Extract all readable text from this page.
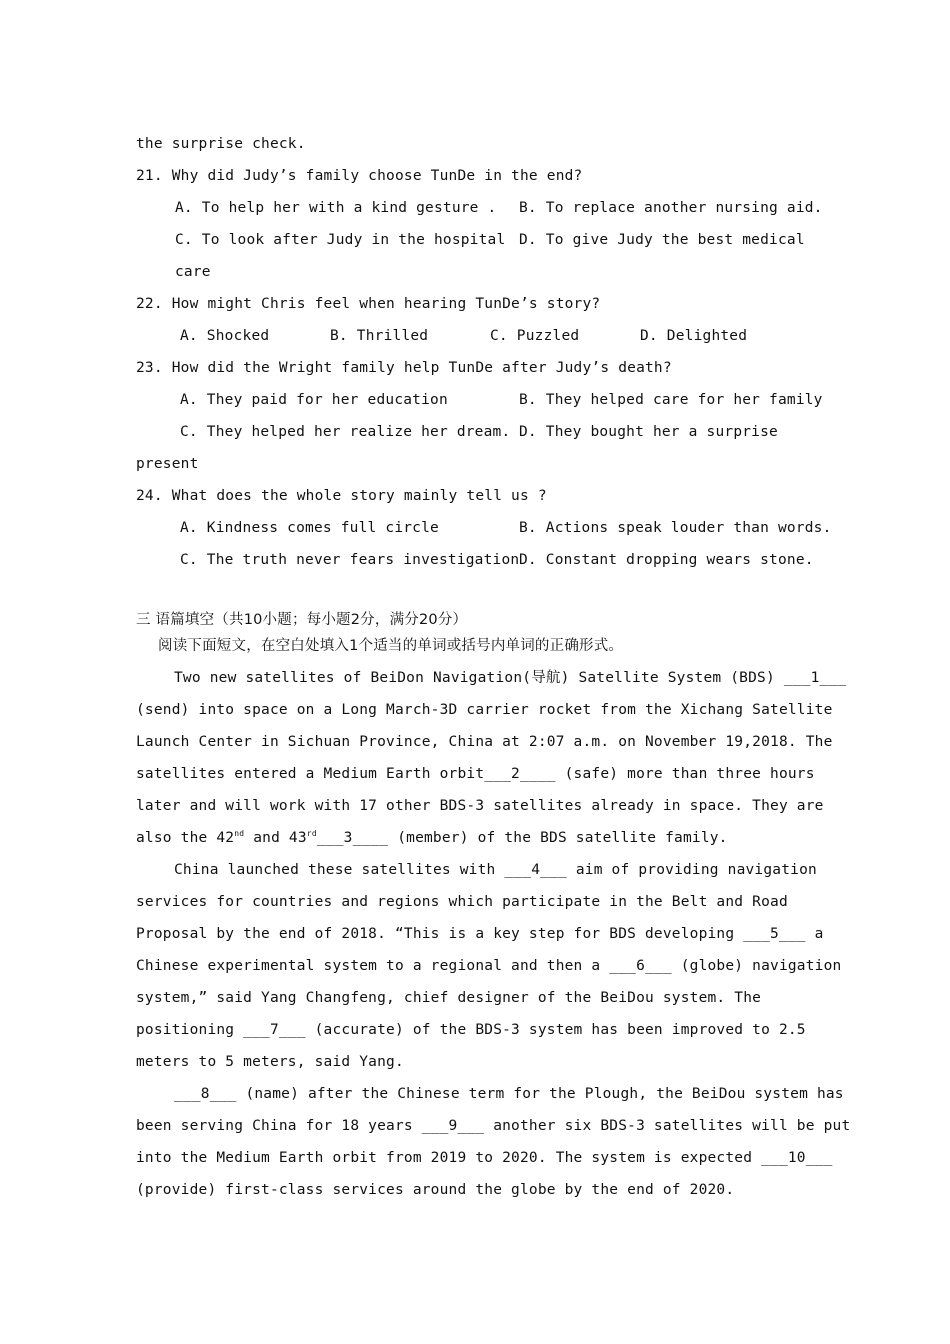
the surprise check.
21. Why did Judy’s family choose TunDe in the end?
A. To help her with a kind gesture . B. To replace another nursing aid.
C. To look after Judy in the hospital D. To give Judy the best medical
care
22. How might Chris feel when hearing TunDe’s story?
A. Shocked	B. Thrilled	C. Puzzled	D. Delighted
23. How did the Wright family help TunDe after Judy’s death?
A. They paid for her education	B. They helped care for her family
C. They helped her realize her dream. D. They bought her a surprise
present
24. What does the whole story mainly tell us ?
A. Kindness comes full circle	B. Actions speak louder than words.
C. The truth never fears investigation D. Constant dropping wears stone.
三 语篇填空（共10小题；每小题2分，满分20分）
阅读下面短文，在空白处填入1个适当的单词或括号内单词的正确形式。
Two new satellites of BeiDon Navigation(导航) Satellite System (BDS) ___1___
(send) into space on a Long March-3D carrier rocket from the Xichang Satellite
Launch Center in Sichuan Province, China at 2:07 a.m. on November 19,2018. The
satellites entered a Medium Earth orbit___2____ (safe) more than three hours
later and will work with 17 other BDS-3 satellites already in space. They are
also the 42nd and 43rd___3____ (member) of the BDS satellite family.
China launched these satellites with ___4___ aim of providing navigation
services for countries and regions which participate in the Belt and Road
Proposal by the end of 2018. “This is a key step for BDS developing ___5___ a
Chinese experimental system to a regional and then a ___6___ (globe) navigation
system,” said Yang Changfeng, chief designer of the BeiDou system. The
positioning ___7___ (accurate) of the BDS-3 system has been improved to 2.5
meters to 5 meters, said Yang.
___8___ (name) after the Chinese term for the Plough, the BeiDou system has
been serving China for 18 years ___9___ another six BDS-3 satellites will be put
into the Medium Earth orbit from 2019 to 2020. The system is expected ___10___
(provide) first-class services around the globe by the end of 2020.
